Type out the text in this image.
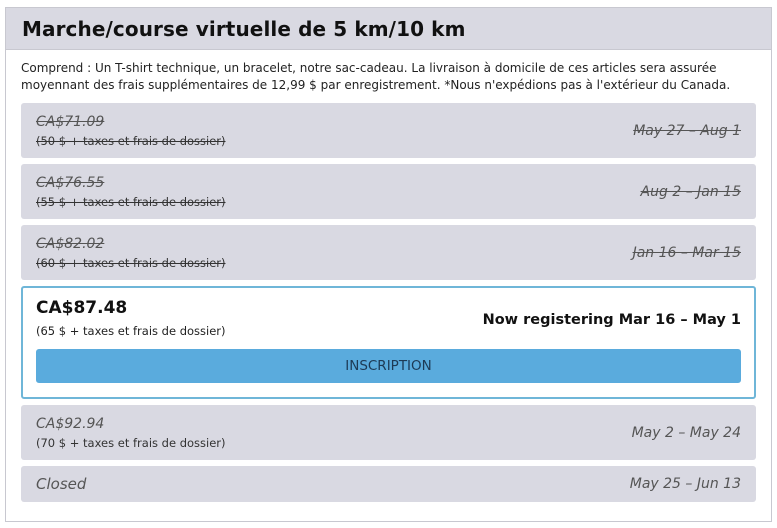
Marche/course virtuelle de 5 km/10 km

Comprend : Un T-shirt technique, un bracelet, notre sac-cadeau. La livraison à domicile de ces articles sera assurée moyennant des frais supplémentaires de 12,99 $ par enregistrement. *Nous n'expédions pas à l'extérieur du Canada.

CA$71.09
(50 $ + taxes et frais de dossier)
May 27 – Aug 1
CA$76.55
(55 $ + taxes et frais de dossier)
Aug 2 – Jan 15
CA$82.02
(60 $ + taxes et frais de dossier)
Jan 16 – Mar 15
CA$87.48
(65 $ + taxes et frais de dossier)
Now registering Mar 16 – May 1
INSCRIPTION
CA$92.94
(70 $ + taxes et frais de dossier)
May 2 – May 24
Closed	May 25 – Jun 13
